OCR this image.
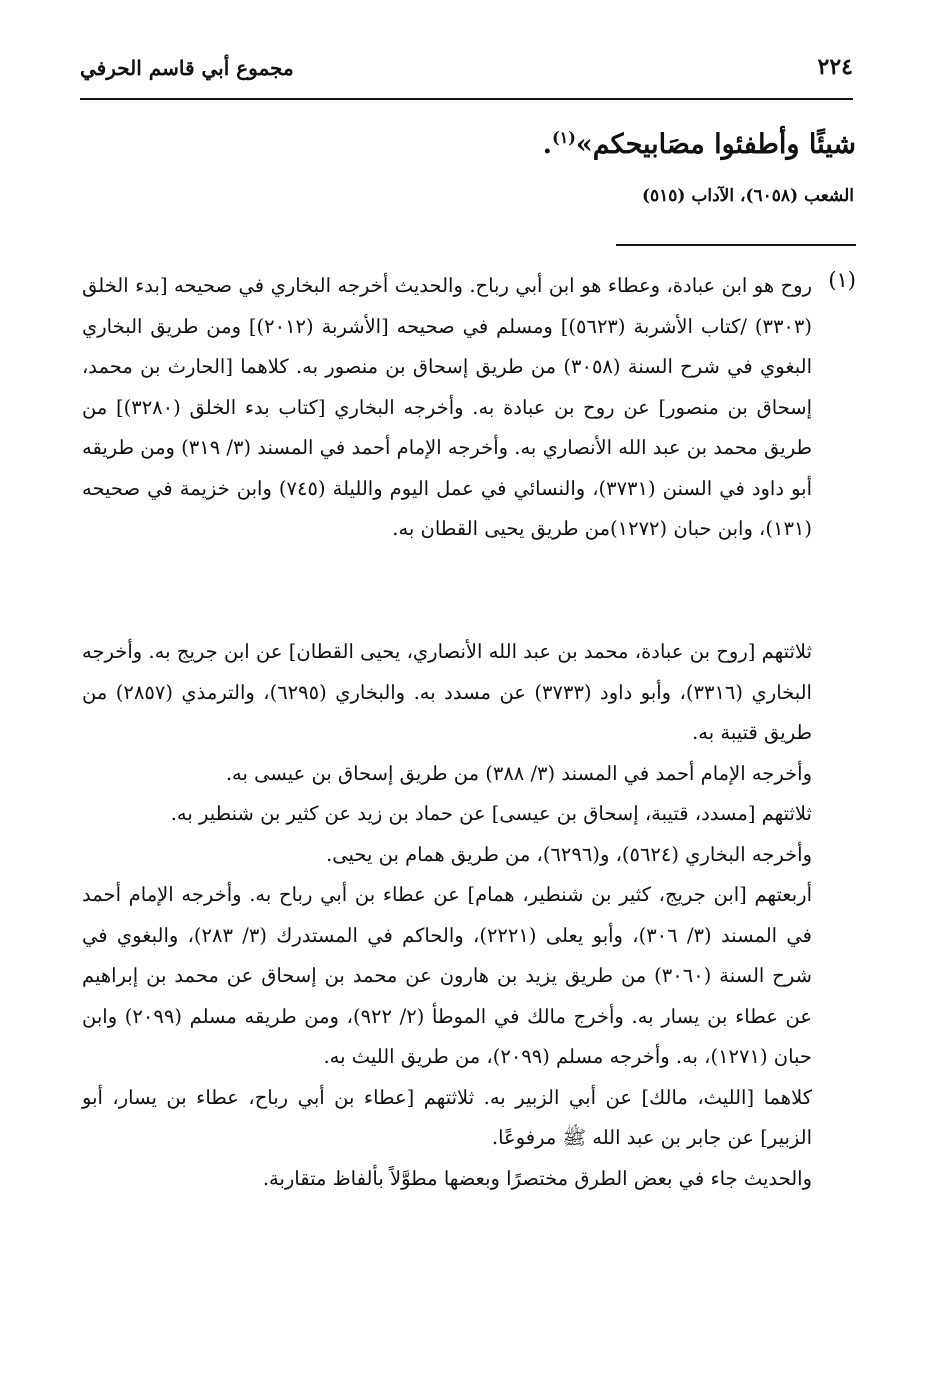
٢٢٤
مجموع أبي قاسم الحرفي
شيئًا وأطفئوا مصَابيحكم»$^{(١)}$.
الشعب (٦٠٥٨)، الآداب (٥١٥)
(١)

روح هو ابن عبادة، وعطاء هو ابن أبي رباح. والحديث أخرجه البخاري في صحيحه [بدء الخلق (٣٣٠٣) /كتاب الأشربة (٥٦٢٣)] ومسلم في صحيحه [الأشربة (٢٠١٢)] ومن طريق البخاري البغوي في شرح السنة (٣٠٥٨) من طريق إسحاق بن منصور به. كلاهما [الحارث بن محمد، إسحاق بن منصور] عن روح بن عبادة به. وأخرجه البخاري [كتاب بدء الخلق (٣٢٨٠)] من طريق محمد بن عبد الله الأنصاري به. وأخرجه الإمام أحمد في المسند (٣/ ٣١٩) ومن طريقه أبو داود في السنن (٣٧٣١)، والنسائي في عمل اليوم والليلة (٧٤٥) وابن خزيمة في صحيحه (١٣١)، وابن حبان (١٢٧٢)من طريق يحيى القطان به.

ثلاثتهم [روح بن عبادة، محمد بن عبد الله الأنصاري، يحيى القطان] عن ابن جريج به. وأخرجه البخاري (٣٣١٦)، وأبو داود (٣٧٣٣) عن مسدد به. والبخاري (٦٢٩٥)، والترمذي (٢٨٥٧) من طريق قتيبة به.

وأخرجه الإمام أحمد في المسند (٣/ ٣٨٨) من طريق إسحاق بن عيسى به.

ثلاثتهم [مسدد، قتيبة، إسحاق بن عيسى] عن حماد بن زيد عن كثير بن شنطير به.

وأخرجه البخاري (٥٦٢٤)، و(٦٢٩٦)، من طريق همام بن يحيى.

أربعتهم [ابن جريج، كثير بن شنطير، همام] عن عطاء بن أبي رباح به. وأخرجه الإمام أحمد في المسند (٣/ ٣٠٦)، وأبو يعلى (٢٢٢١)، والحاكم في المستدرك (٣/ ٢٨٣)، والبغوي في شرح السنة (٣٠٦٠) من طريق يزيد بن هارون عن محمد بن إسحاق عن محمد بن إبراهيم عن عطاء بن يسار به. وأخرج مالك في الموطأ (٢/ ٩٢٢)، ومن طريقه مسلم (٢٠٩٩) وابن حبان (١٢٧١)، به. وأخرجه مسلم (٢٠٩٩)، من طريق الليث به.

كلاهما [الليث، مالك] عن أبي الزبير به. ثلاثتهم [عطاء بن أبي رباح، عطاء بن يسار، أبو الزبير] عن جابر بن عبد الله ﷺ مرفوعًا.

والحديث جاء في بعض الطرق مختصرًا وبعضها مطوَّلاً بألفاظ متقاربة.
